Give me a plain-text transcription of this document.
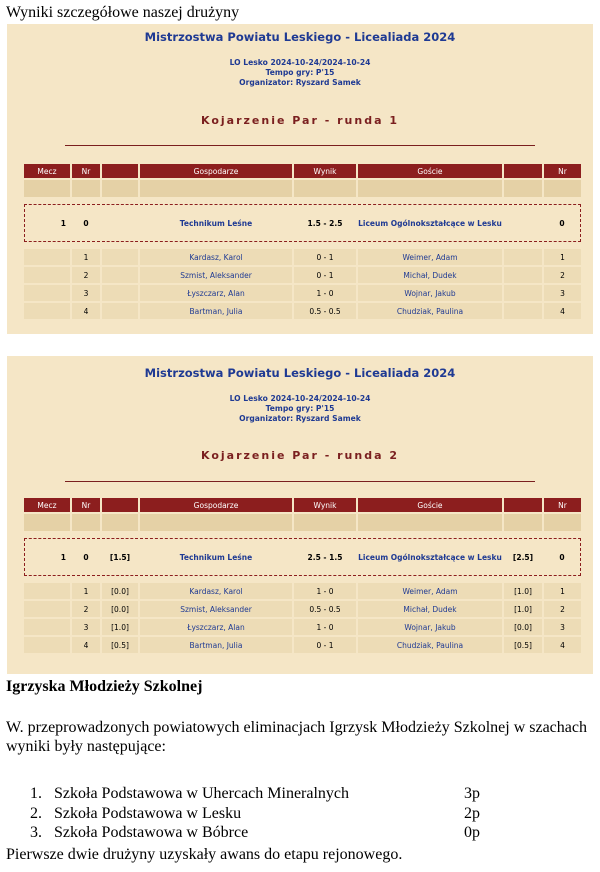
Wyniki szczegółowe naszej drużyny
Mistrzostwa Powiatu Leskiego - Licealiada 2024
LO Lesko 2024-10-24/2024-10-24
Tempo gry: P'15
Organizator: Ryszard Samek
Kojarzenie Par - runda 1
Mecz	Nr		Gospodarze	Wynik	Goście		Nr

1	0		Technikum Leśne	1.5 - 2.5	Liceum Ogólnokształcące w Lesku		0

	1		Kardasz, Karol	0 - 1	Weimer, Adam		1
	2		Szmist, Aleksander	0 - 1	Michał, Dudek		2
	3		Łyszczarz, Alan	1 - 0	Wojnar, Jakub		3
	4		Bartman, Julia	0.5 - 0.5	Chudziak, Paulina		4
Mistrzostwa Powiatu Leskiego - Licealiada 2024
LO Lesko 2024-10-24/2024-10-24
Tempo gry: P'15
Organizator: Ryszard Samek
Kojarzenie Par - runda 2
Mecz	Nr		Gospodarze	Wynik	Goście		Nr

1	0	[1.5]	Technikum Leśne	2.5 - 1.5	Liceum Ogólnokształcące w Lesku	[2.5]	0

	1	[0.0]	Kardasz, Karol	1 - 0	Weimer, Adam	[1.0]	1
	2	[0.0]	Szmist, Aleksander	0.5 - 0.5	Michał, Dudek	[1.0]	2
	3	[1.0]	Łyszczarz, Alan	1 - 0	Wojnar, Jakub	[0.0]	3
	4	[0.5]	Bartman, Julia	0 - 1	Chudziak, Paulina	[0.5]	4
Igrzyska Młodzieży Szkolnej
W. przeprowadzonych powiatowych eliminacjach Igrzysk Młodzieży Szkolnej w szachach wyniki były następujące:
1. Szkoła Podstawowa w Uhercach Mineralnych	3p
2. Szkoła Podstawowa w Lesku	2p
3. Szkoła Podstawowa w Bóbrce	0p
Pierwsze dwie drużyny uzyskały awans do etapu rejonowego.
